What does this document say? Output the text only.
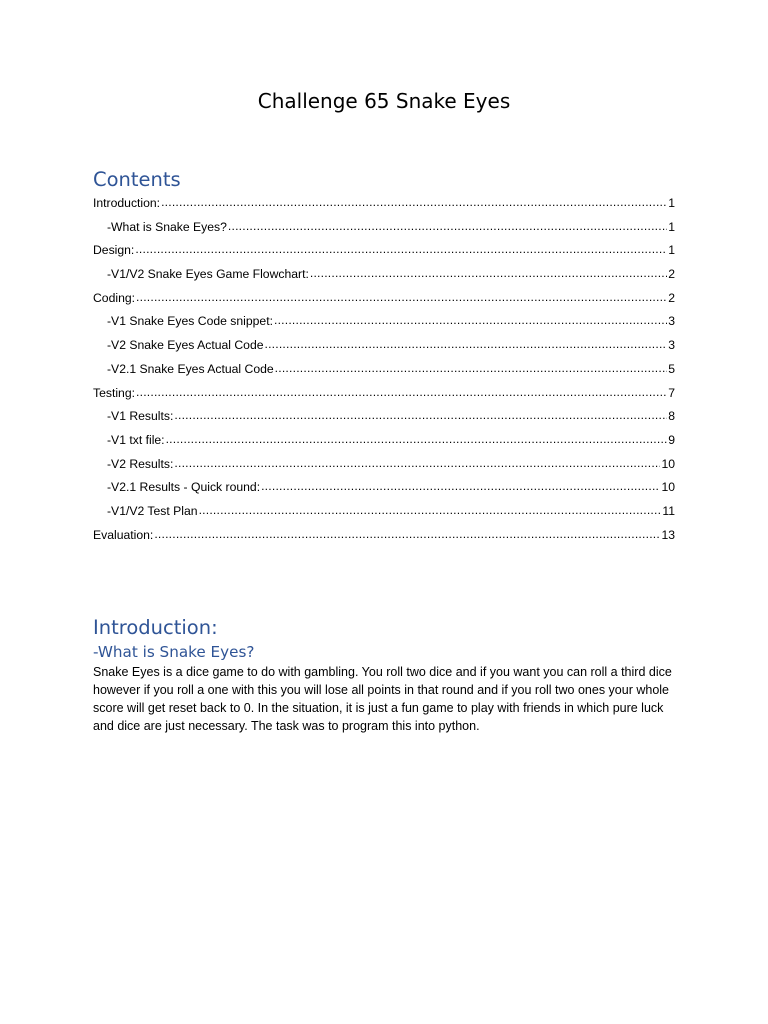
Challenge 65 Snake Eyes
Contents
Introduction: .....	1
-What is Snake Eyes? .....	1
Design: .....	1
-V1/V2 Snake Eyes Game Flowchart: .....	2
Coding: .....	2
-V1 Snake Eyes Code snippet: .....	3
-V2 Snake Eyes Actual Code .....	3
-V2.1 Snake Eyes Actual Code .....	5
Testing: .....	7
-V1 Results: .....	8
-V1 txt file: .....	9
-V2 Results: .....	10
-V2.1 Results - Quick round: .....	10
-V1/V2 Test Plan .....	11
Evaluation: .....	13
Introduction:
-What is Snake Eyes?

Snake Eyes is a dice game to do with gambling. You roll two dice and if you want you can roll a third dice however if you roll a one with this you will lose all points in that round and if you roll two ones your whole score will get reset back to 0. In the situation, it is just a fun game to play with friends in which pure luck and dice are just necessary. The task was to program this into python.
